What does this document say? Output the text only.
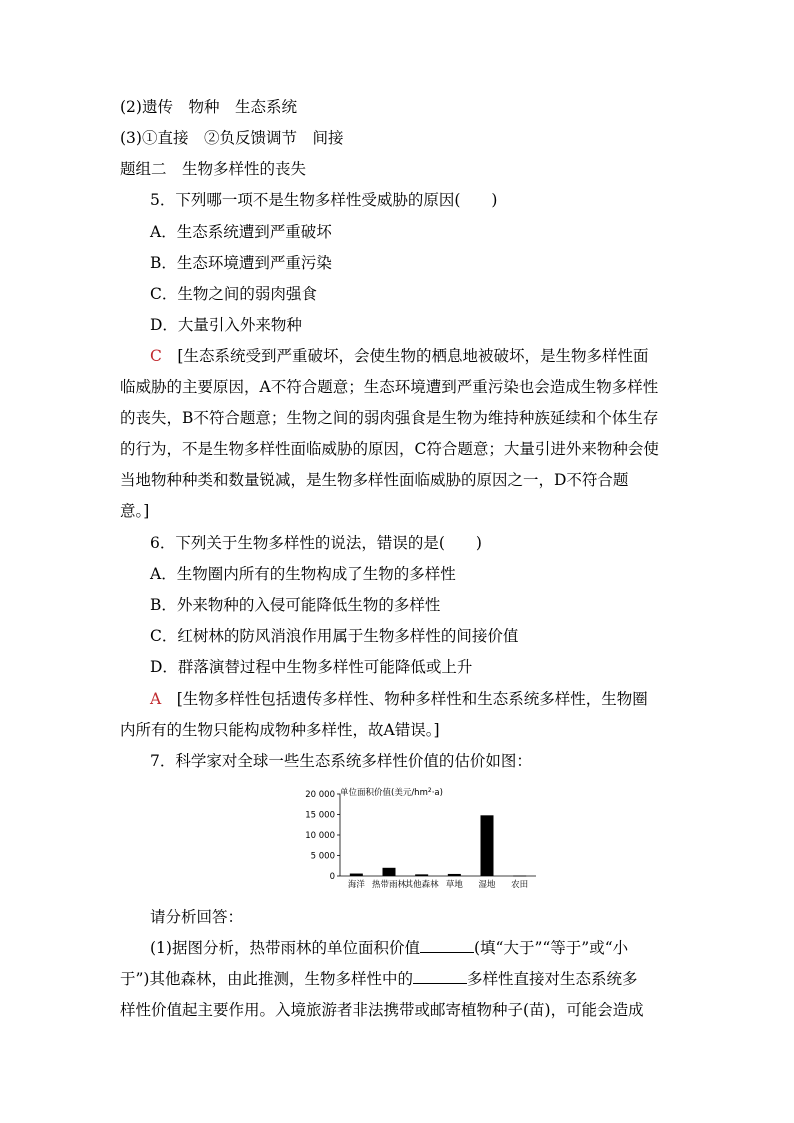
(2)遗传　物种　生态系统
(3)①直接　②负反馈调节　间接
题组二　生物多样性的丧失
5．下列哪一项不是生物多样性受威胁的原因(　　)
A．生态系统遭到严重破坏
B．生态环境遭到严重污染
C．生物之间的弱肉强食
D．大量引入外来物种
C　 [生态系统受到严重破坏，会使生物的栖息地被破坏，是生物多样性面
临威胁的主要原因，A不符合题意；生态环境遭到严重污染也会造成生物多样性
的丧失，B不符合题意；生物之间的弱肉强食是生物为维持种族延续和个体生存
的行为，不是生物多样性面临威胁的原因，C符合题意；大量引进外来物种会使
当地物种种类和数量锐减，是生物多样性面临威胁的原因之一，D不符合题
意。]
6．下列关于生物多样性的说法，错误的是(　　)
A．生物圈内所有的生物构成了生物的多样性
B．外来物种的入侵可能降低生物的多样性
C．红树林的防风消浪作用属于生物多样性的间接价值
D．群落演替过程中生物多样性可能降低或上升
A　 [生物多样性包括遗传多样性、物种多样性和生态系统多样性，生物圈
内所有的生物只能构成物种多样性，故A错误。]
7．科学家对全球一些生态系统多样性价值的估价如图：
单位面积价值(美元$/hm^2\cdot a$)
0
5 000
10 000
15 000
20 000
海洋 热带雨林
其他森林 草地 湿地 农田
请分析回答：
(1)据图分析，热带雨林的单位面积价值	(填“大于”“等于”或“小
于”)其他森林，由此推测，生物多样性中的	多样性直接对生态系统多
样性价值起主要作用。入境旅游者非法携带或邮寄植物种子(苗)，可能会造成
